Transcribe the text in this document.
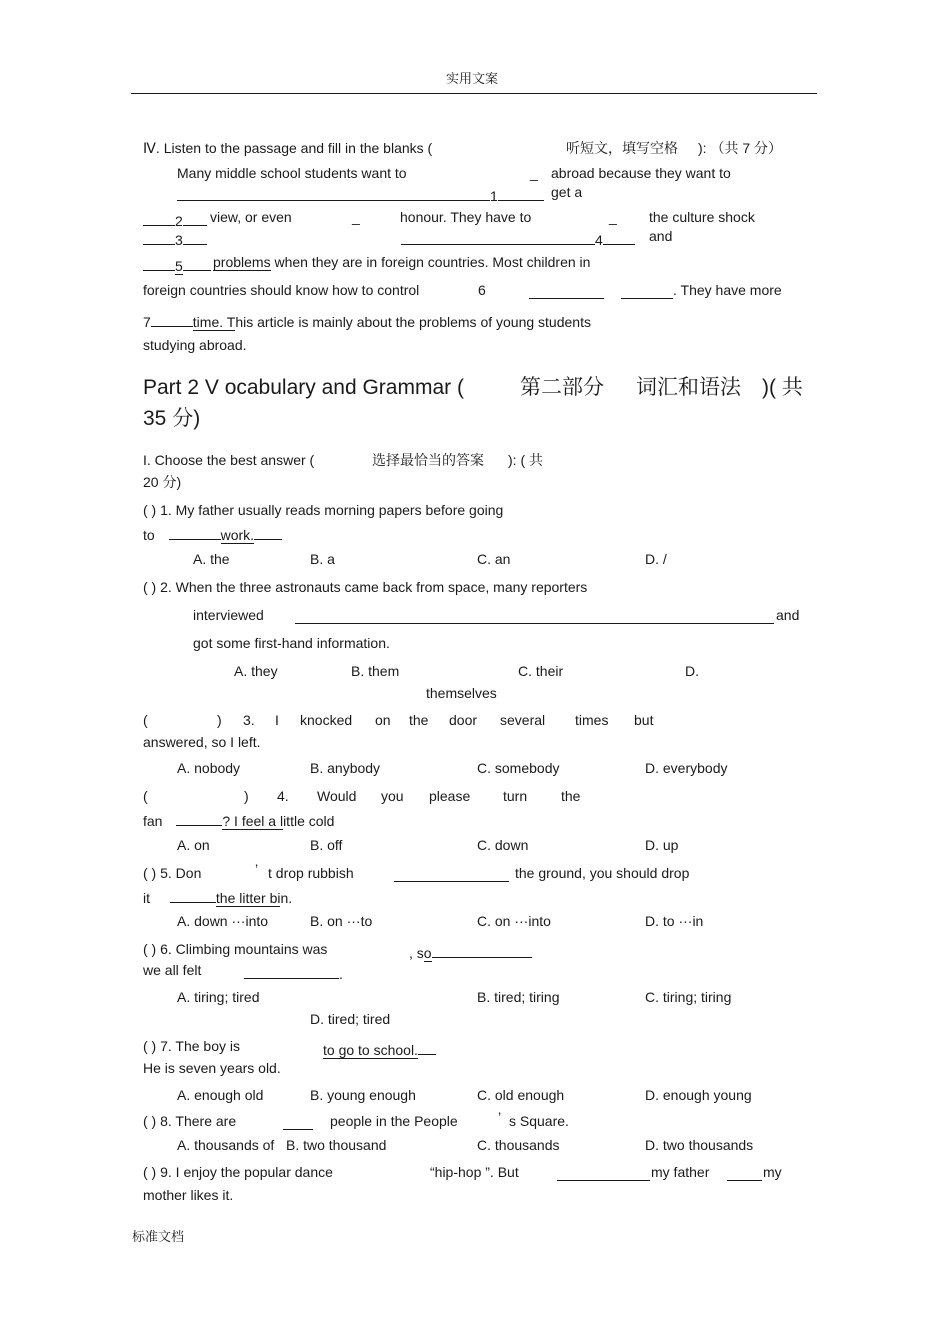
实用文案
Ⅳ. Listen to the passage and fill in the blanks (	听短文，填写空格 ): （共 7 分）
Many middle school students want to	_ abroad because they want to
1	get a
2	view, or even	_	honour. They have to	_ the culture shock
3	4	and
5	problems when they are in foreign countries. Most children in
foreign countries should know how to control	6	. They have more
7	time. This article is mainly about the problems of young students
studying abroad.
Part 2 V ocabulary and Grammar (	第二部分 词汇和语法 )( 共
35 分)
I. Choose the best answer (	选择最恰当的答案 ): ( 共
20 分)
( ) 1. My father usually reads morning papers before going
to	work.
A. the	B. a	C. an	D. /
( ) 2. When the three astronauts came back from space, many reporters
interviewed	and
got some first-hand information.
A. they	B. them	C. their	D.
themselves
(	) 3. I knocked on the door several times but
answered, so I left.
A. nobody	B. anybody	C. somebody	D. everybody
(	) 4. Would you please turn the
fan	? I feel a little cold
A. on	B. off	C. down	D. up
( ) 5. Don	’ t drop rubbish	the ground, you should drop
it	the litter bin.
A. down ···into	B. on ···to	C. on ···into	D. to ···in
( ) 6. Climbing mountains was	, so
we all felt	.
A. tiring; tired	B. tired; tiring	C. tiring; tiring
D. tired; tired
( ) 7. The boy is	to go to school.
He is seven years old.
A. enough old	B. young enough	C. old enough	D. enough young
( ) 8. There are	people in the People	’ s Square.
A. thousands of B. two thousand	C. thousands	D. two thousands
( ) 9. I enjoy the popular dance	“hip-hop ”. But	my father	my
mother likes it.
标准文档
